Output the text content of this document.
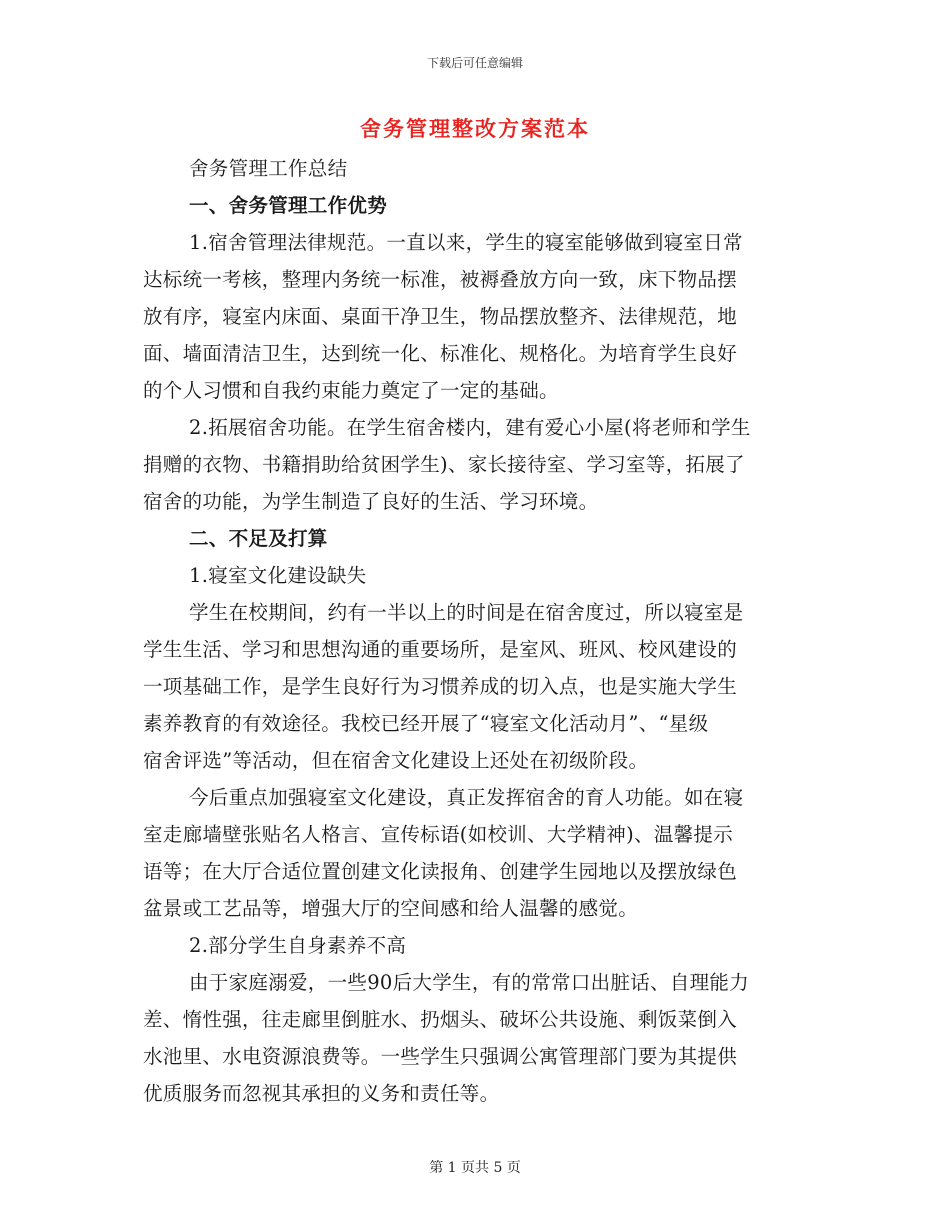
下载后可任意编辑
舍务管理整改方案范本
舍务管理工作总结
一、舍务管理工作优势
1.宿舍管理法律规范。一直以来，学生的寝室能够做到寝室日常
达标统一考核，整理内务统一标准，被褥叠放方向一致，床下物品摆
放有序，寝室内床面、桌面干净卫生，物品摆放整齐、法律规范，地
面、墙面清洁卫生，达到统一化、标准化、规格化。为培育学生良好
的个人习惯和自我约束能力奠定了一定的基础。
2.拓展宿舍功能。在学生宿舍楼内，建有爱心小屋(将老师和学生
捐赠的衣物、书籍捐助给贫困学生)、家长接待室、学习室等，拓展了
宿舍的功能，为学生制造了良好的生活、学习环境。
二、不足及打算
1.寝室文化建设缺失
学生在校期间，约有一半以上的时间是在宿舍度过，所以寝室是
学生生活、学习和思想沟通的重要场所，是室风、班风、校风建设的
一项基础工作，是学生良好行为习惯养成的切入点，也是实施大学生
素养教育的有效途径。我校已经开展了“寝室文化活动月”、“星级
宿舍评选”等活动，但在宿舍文化建设上还处在初级阶段。
今后重点加强寝室文化建设，真正发挥宿舍的育人功能。如在寝
室走廊墙壁张贴名人格言、宣传标语(如校训、大学精神)、温馨提示
语等；在大厅合适位置创建文化读报角、创建学生园地以及摆放绿色
盆景或工艺品等，增强大厅的空间感和给人温馨的感觉。
2.部分学生自身素养不高
由于家庭溺爱，一些90后大学生，有的常常口出脏话、自理能力
差、惰性强，往走廊里倒脏水、扔烟头、破坏公共设施、剩饭菜倒入
水池里、水电资源浪费等。一些学生只强调公寓管理部门要为其提供
优质服务而忽视其承担的义务和责任等。
第 1 页共 5 页
